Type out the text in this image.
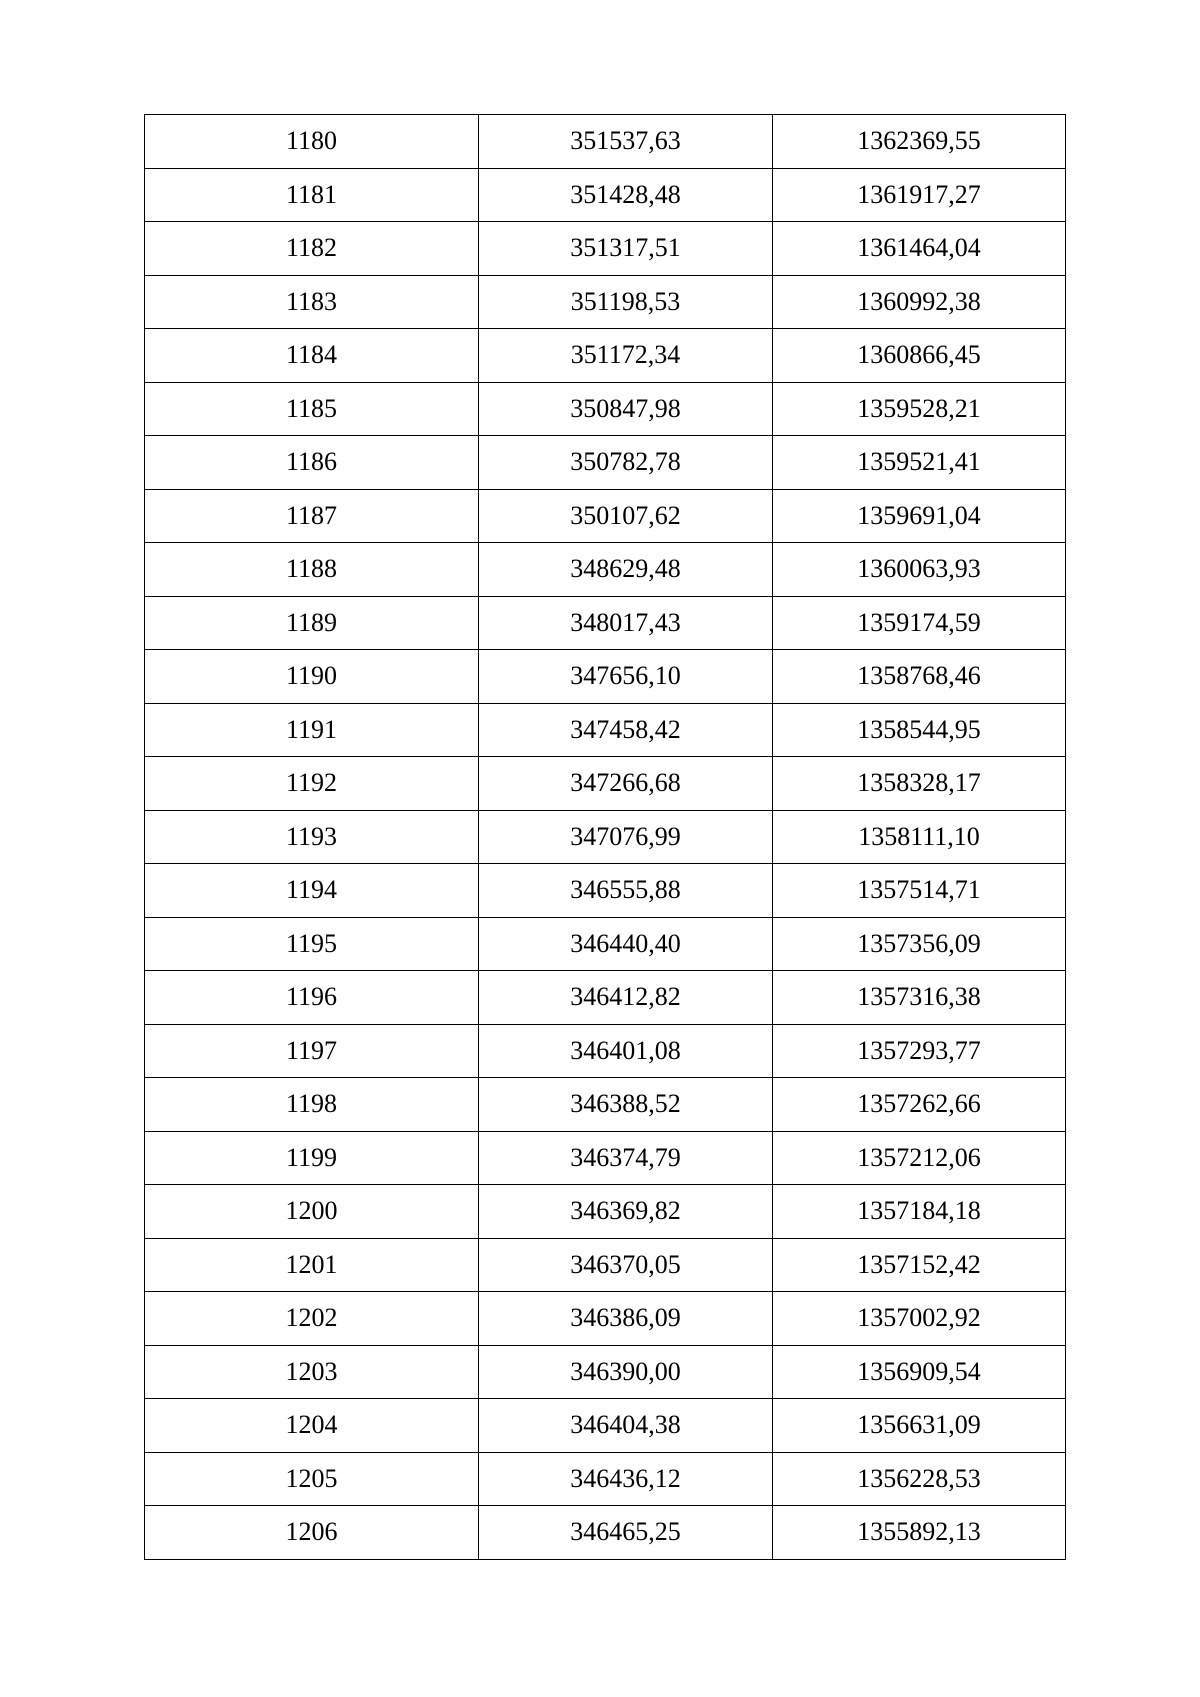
1180	351537,63	1362369,55
1181	351428,48	1361917,27
1182	351317,51	1361464,04
1183	351198,53	1360992,38
1184	351172,34	1360866,45
1185	350847,98	1359528,21
1186	350782,78	1359521,41
1187	350107,62	1359691,04
1188	348629,48	1360063,93
1189	348017,43	1359174,59
1190	347656,10	1358768,46
1191	347458,42	1358544,95
1192	347266,68	1358328,17
1193	347076,99	1358111,10
1194	346555,88	1357514,71
1195	346440,40	1357356,09
1196	346412,82	1357316,38
1197	346401,08	1357293,77
1198	346388,52	1357262,66
1199	346374,79	1357212,06
1200	346369,82	1357184,18
1201	346370,05	1357152,42
1202	346386,09	1357002,92
1203	346390,00	1356909,54
1204	346404,38	1356631,09
1205	346436,12	1356228,53
1206	346465,25	1355892,13
